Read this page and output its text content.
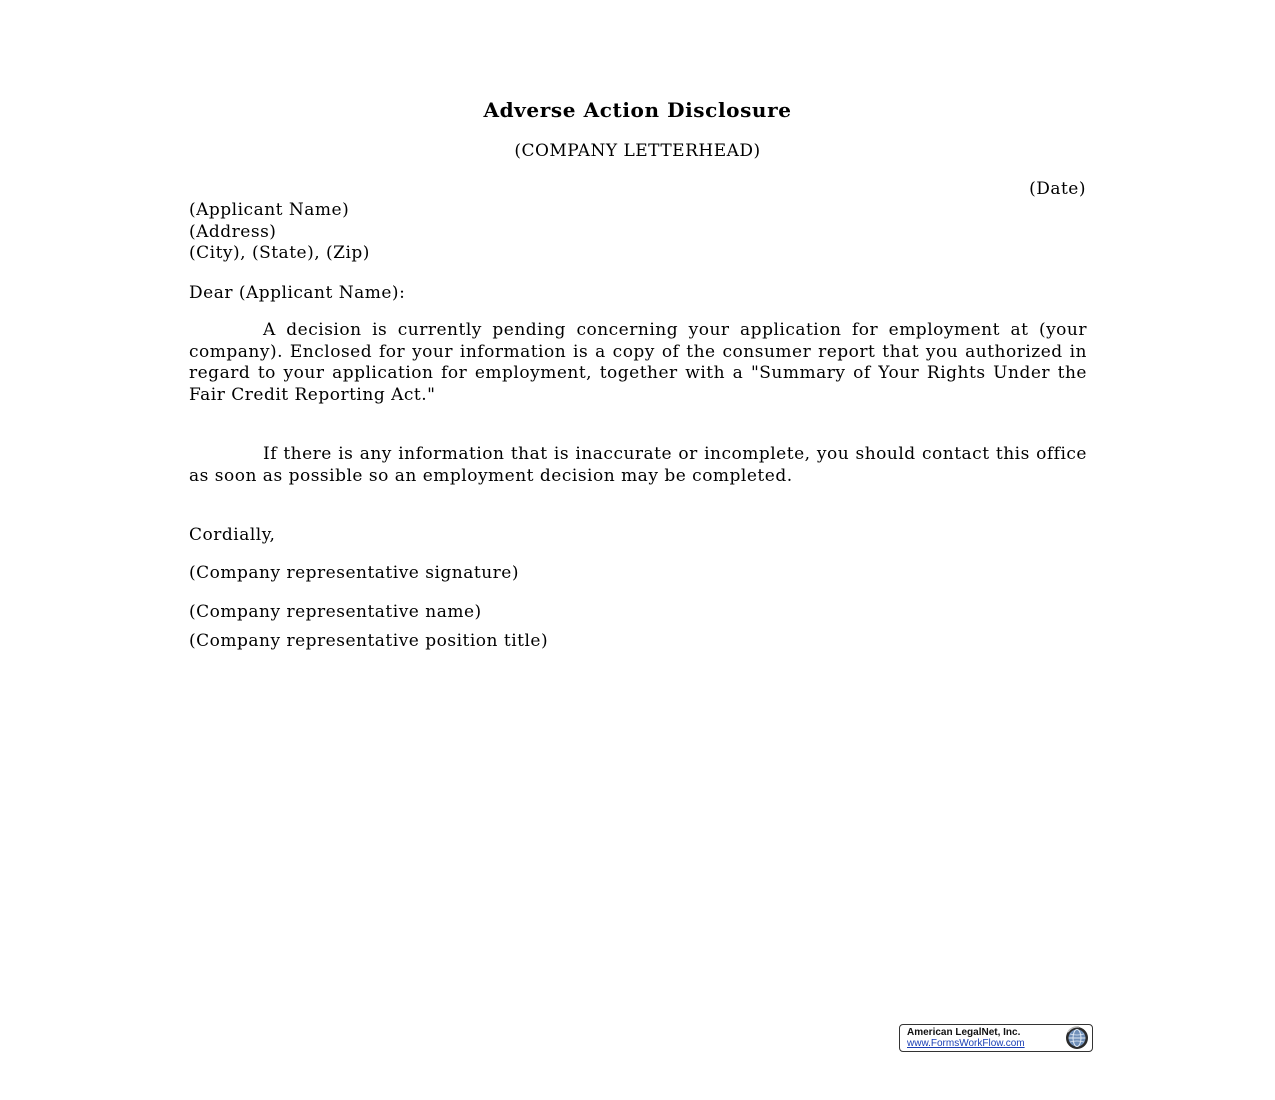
Adverse Action Disclosure
(COMPANY LETTERHEAD)
(Date)
(Applicant Name)
(Address)
(City), (State), (Zip)
Dear (Applicant Name):
A decision is currently pending concerning your application for employment at (your company). Enclosed for your information is a copy of the consumer report that you authorized in regard to your application for employment, together with a "Summary of Your Rights Under the Fair Credit Reporting Act."
If there is any information that is inaccurate or incomplete, you should contact this office as soon as possible so an employment decision may be completed.
Cordially,
(Company representative signature)
(Company representative name)
(Company representative position title)
American LegalNet, Inc.
www.FormsWorkFlow.com
